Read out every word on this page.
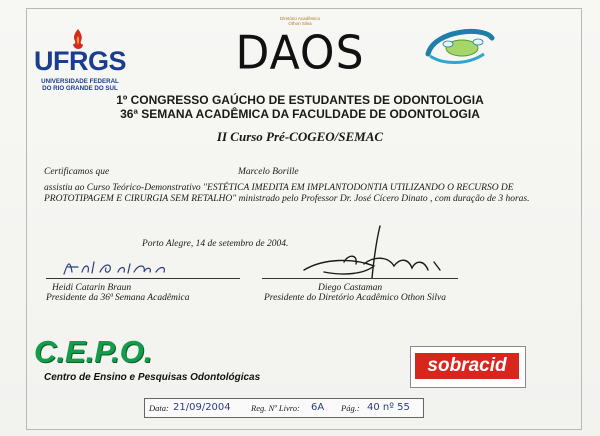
UFRGS
UNIVERSIDADE FEDERAL
DO RIO GRANDE DO SUL
Diretório Acadêmico
Othon Silva
DAOS
1º CONGRESSO GAÚCHO DE ESTUDANTES DE ODONTOLOGIA
36ª SEMANA ACADÊMICA DA FACULDADE DE ODONTOLOGIA
II Curso Pré-COGEO/SEMAC
Certificamos que	Marcelo Borille
assistiu ao Curso Teórico-Demonstrativo "ESTÉTICA IMEDITA EM IMPLANTODONTIA UTILIZANDO O RECURSO DE PROTOTIPAGEM E CIRURGIA SEM RETALHO" ministrado pelo Professor Dr. José Cícero Dinato , com duração de 3 horas.
Porto Alegre, 14 de setembro de 2004.
Heidi Catarin Braun
Presidente da 36ª Semana Acadêmica
Diego Castaman
Presidente do Diretório Acadêmico Othon Silva
C.E.P.O.
Centro de Ensino e Pesquisas Odontológicas
sobracid
Data: 21/09/2004 Reg. Nº Livro: 6A Pág.: 40 nº 55
